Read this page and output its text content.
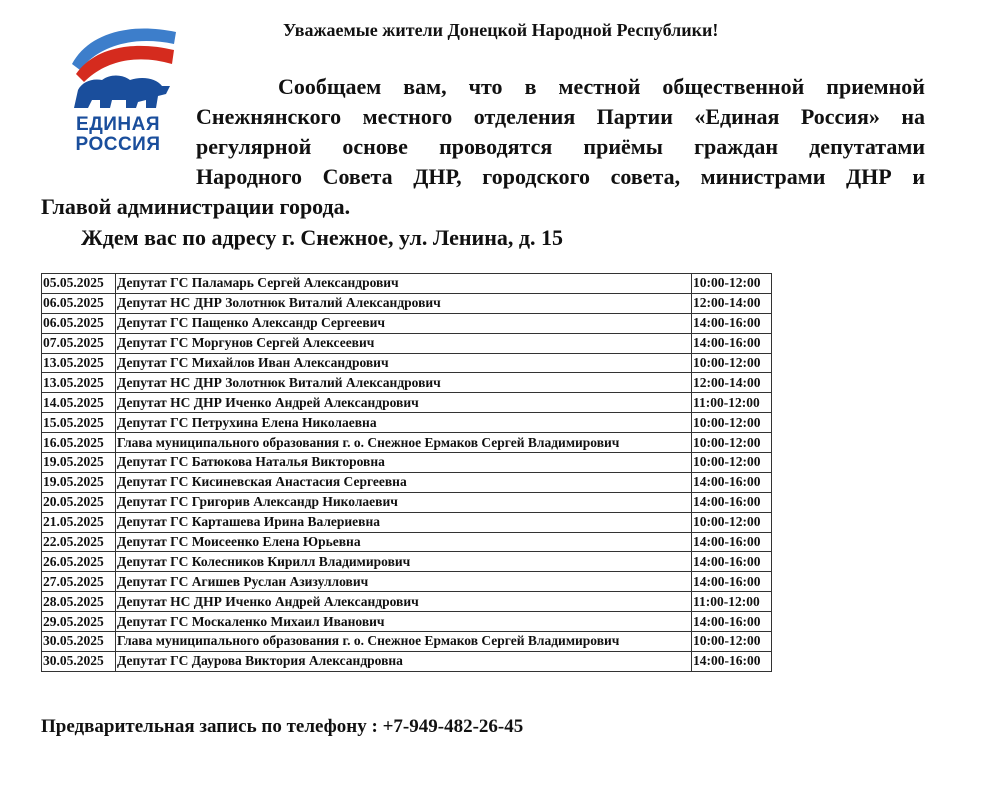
ЕДИНАЯ
РОССИЯ
Уважаемые жители Донецкой Народной Республики!
Сообщаем вам, что в местной общественной приемной
Снежнянского местного отделения Партии «Единая Россия» на
регулярной основе проводятся приёмы граждан депутатами
Народного Совета ДНР, городского совета, министрами ДНР и
Главой администрации города.
Ждем вас по адресу г. Снежное, ул. Ленина, д. 15
05.05.2025	Депутат ГС Паламарь Сергей Александрович	10:00-12:00
06.05.2025	Депутат НС ДНР Золотнюк Виталий Александрович	12:00-14:00
06.05.2025	Депутат ГС Пащенко Александр Сергеевич	14:00-16:00
07.05.2025	Депутат ГС Моргунов Сергей Алексеевич	14:00-16:00
13.05.2025	Депутат ГС Михайлов Иван Александрович	10:00-12:00
13.05.2025	Депутат НС ДНР Золотнюк Виталий Александрович	12:00-14:00
14.05.2025	Депутат НС ДНР Иченко Андрей Александрович	11:00-12:00
15.05.2025	Депутат ГС Петрухина Елена Николаевна	10:00-12:00
16.05.2025	Глава муниципального образования г. о. Снежное Ермаков Сергей Владимирович	10:00-12:00
19.05.2025	Депутат ГС Батюкова Наталья Викторовна	10:00-12:00
19.05.2025	Депутат ГС Кисиневская Анастасия Сергеевна	14:00-16:00
20.05.2025	Депутат ГС Григорив Александр Николаевич	14:00-16:00
21.05.2025	Депутат ГС Карташева Ирина Валериевна	10:00-12:00
22.05.2025	Депутат ГС Моисеенко Елена Юрьевна	14:00-16:00
26.05.2025	Депутат ГС Колесников Кирилл Владимирович	14:00-16:00
27.05.2025	Депутат ГС Агишев Руслан Азизуллович	14:00-16:00
28.05.2025	Депутат НС ДНР Иченко Андрей Александрович	11:00-12:00
29.05.2025	Депутат ГС Москаленко Михаил Иванович	14:00-16:00
30.05.2025	Глава муниципального образования г. о. Снежное Ермаков Сергей Владимирович	10:00-12:00
30.05.2025	Депутат ГС Даурова Виктория Александровна	14:00-16:00
Предварительная запись по телефону : +7-949-482-26-45
